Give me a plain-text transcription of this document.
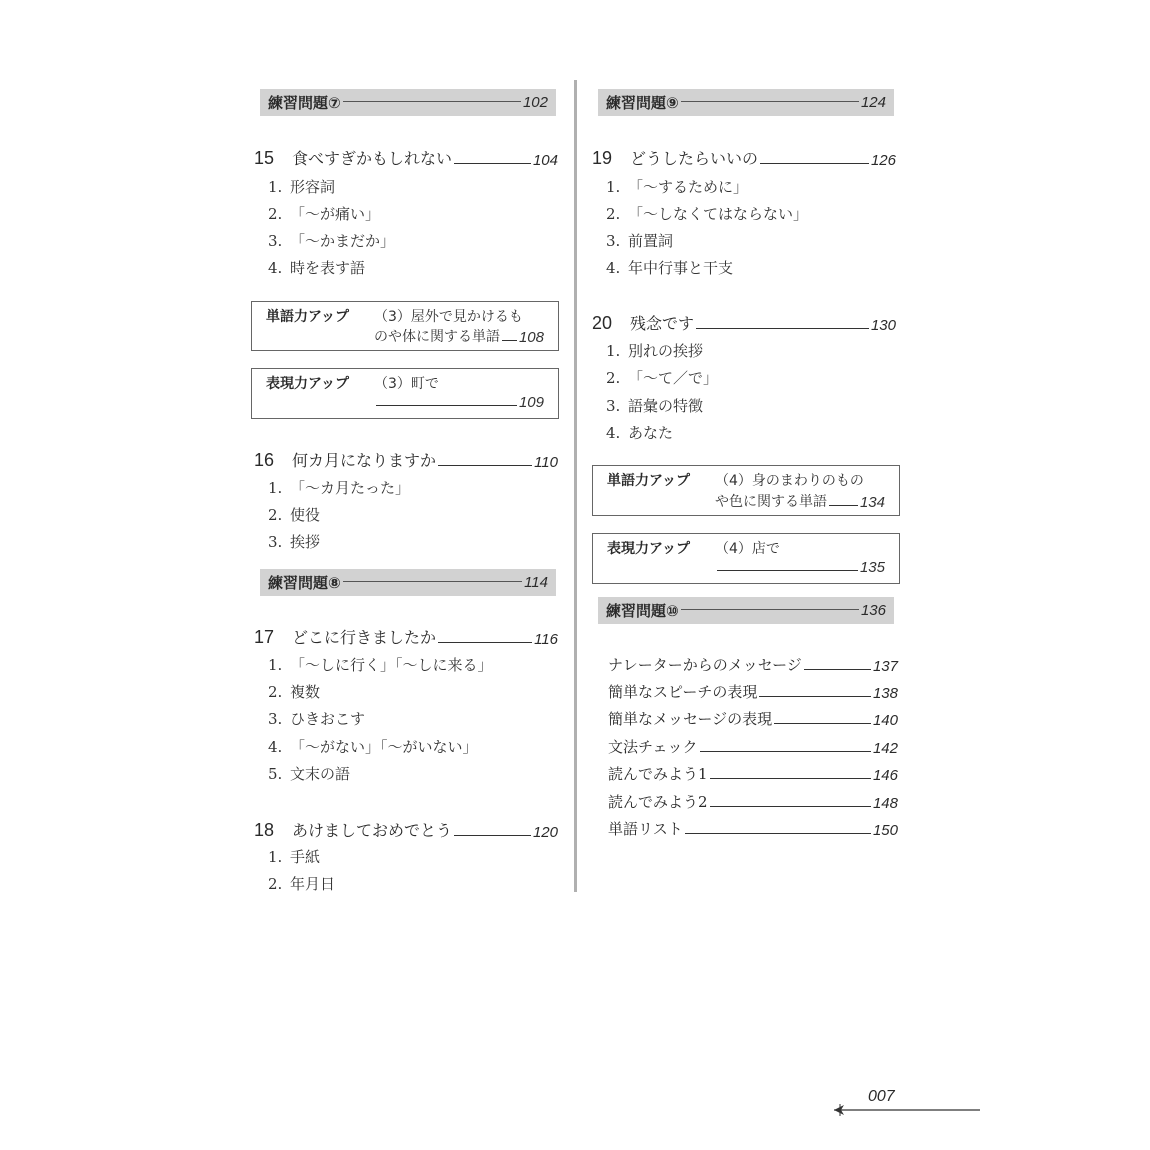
練習問題⑦	102
15	食べすぎかもしれない	104
1. 形容詞
2. 「～が痛い」
3. 「～かまだか」
4. 時を表す語
単語力アップ （3）屋外で見かけるも
のや体に関する単語 108
表現力アップ （3）町で
109
16	何カ月になりますか	110
1. 「～カ月たった」
2. 使役
3. 挨拶
練習問題⑧	114
17	どこに行きましたか	116
1. 「～しに行く」「～しに来る」
2. 複数
3. ひきおこす
4. 「～がない」「～がいない」
5. 文末の語
18	あけましておめでとう	120
1. 手紙
2. 年月日
練習問題⑨	124
19	どうしたらいいの	126
1. 「～するために」
2. 「～しなくてはならない」
3. 前置詞
4. 年中行事と干支
20	残念です	130
1. 別れの挨拶
2. 「～て／で」
3. 語彙の特徴
4. あなた
単語力アップ （4）身のまわりのもの
や色に関する単語 134
表現力アップ （4）店で
135
練習問題⑩	136
ナレーターからのメッセージ	137
簡単なスピーチの表現	138
簡単なメッセージの表現	140
文法チェック	142
読んでみよう1	146
読んでみよう2	148
単語リスト	150
007
